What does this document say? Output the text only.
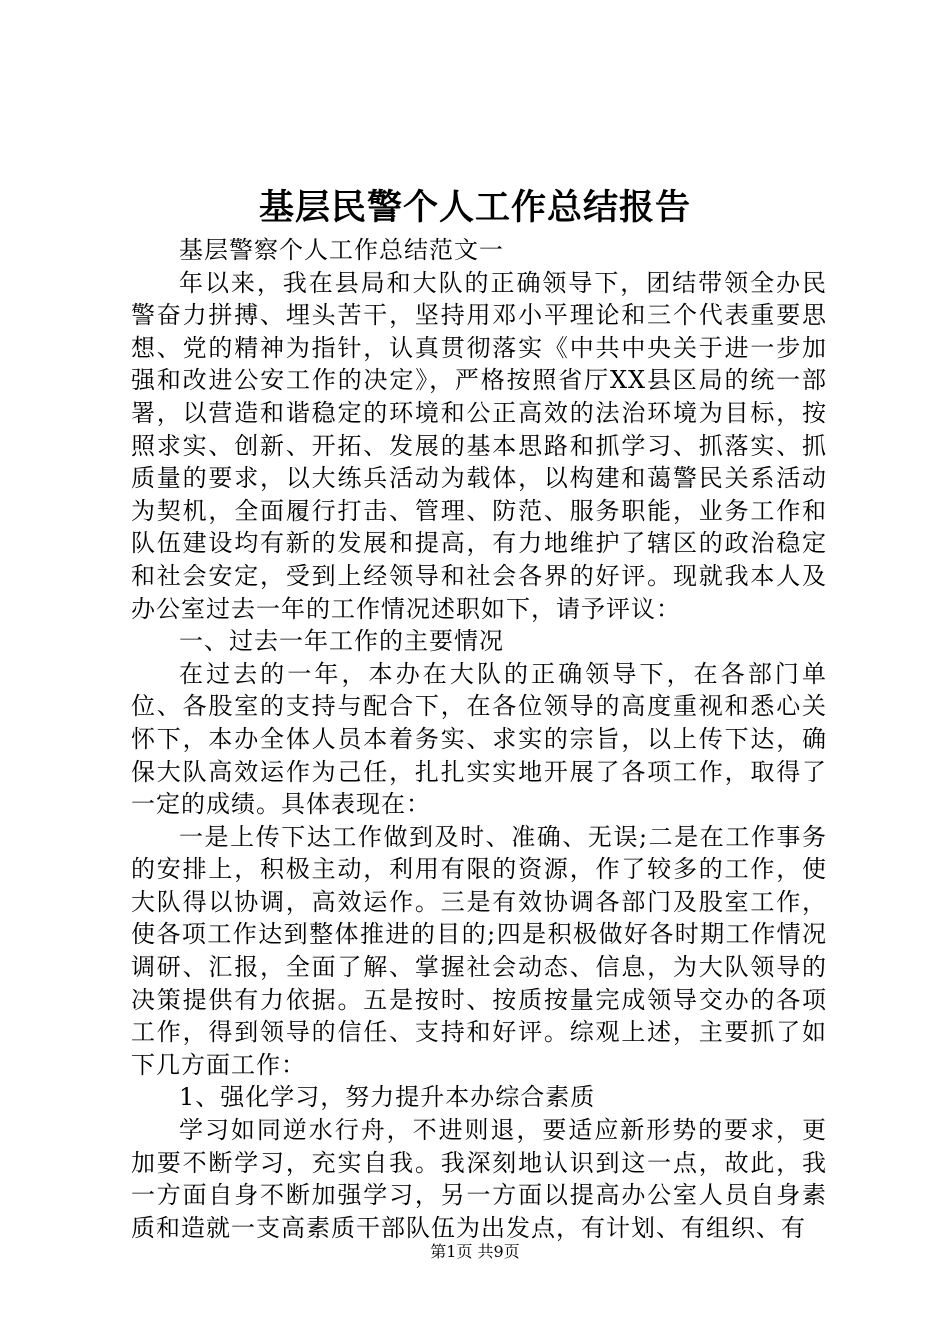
基层民警个人工作总结报告

基层警察个人工作总结范文一

年以来，我在县局和大队的正确领导下，团结带领全办民警奋力拼搏、埋头苦干，坚持用邓小平理论和三个代表重要思想、党的精神为指针，认真贯彻落实《中共中央关于进一步加强和改进公安工作的决定》，严格按照省厅XX县区局的统一部署，以营造和谐稳定的环境和公正高效的法治环境为目标，按照求实、创新、开拓、发展的基本思路和抓学习、抓落实、抓质量的要求，以大练兵活动为载体，以构建和蔼警民关系活动为契机，全面履行打击、管理、防范、服务职能，业务工作和队伍建设均有新的发展和提高，有力地维护了辖区的政治稳定和社会安定，受到上经领导和社会各界的好评。现就我本人及办公室过去一年的工作情况述职如下，请予评议：

一、过去一年工作的主要情况

在过去的一年，本办在大队的正确领导下，在各部门单位、各股室的支持与配合下，在各位领导的高度重视和悉心关怀下，本办全体人员本着务实、求实的宗旨，以上传下达，确保大队高效运作为己任，扎扎实实地开展了各项工作，取得了一定的成绩。具体表现在：

一是上传下达工作做到及时、准确、无误;二是在工作事务的安排上，积极主动，利用有限的资源，作了较多的工作，使大队得以协调，高效运作。三是有效协调各部门及股室工作，使各项工作达到整体推进的目的;四是积极做好各时期工作情况调研、汇报，全面了解、掌握社会动态、信息，为大队领导的决策提供有力依据。五是按时、按质按量完成领导交办的各项工作，得到领导的信任、支持和好评。综观上述，主要抓了如下几方面工作：

1、强化学习，努力提升本办综合素质

学习如同逆水行舟，不进则退，要适应新形势的要求，更加要不断学习，充实自我。我深刻地认识到这一点，故此，我一方面自身不断加强学习，另一方面以提高办公室人员自身素质和造就一支高素质干部队伍为出发点，有计划、有组织、有

第1页 共9页
